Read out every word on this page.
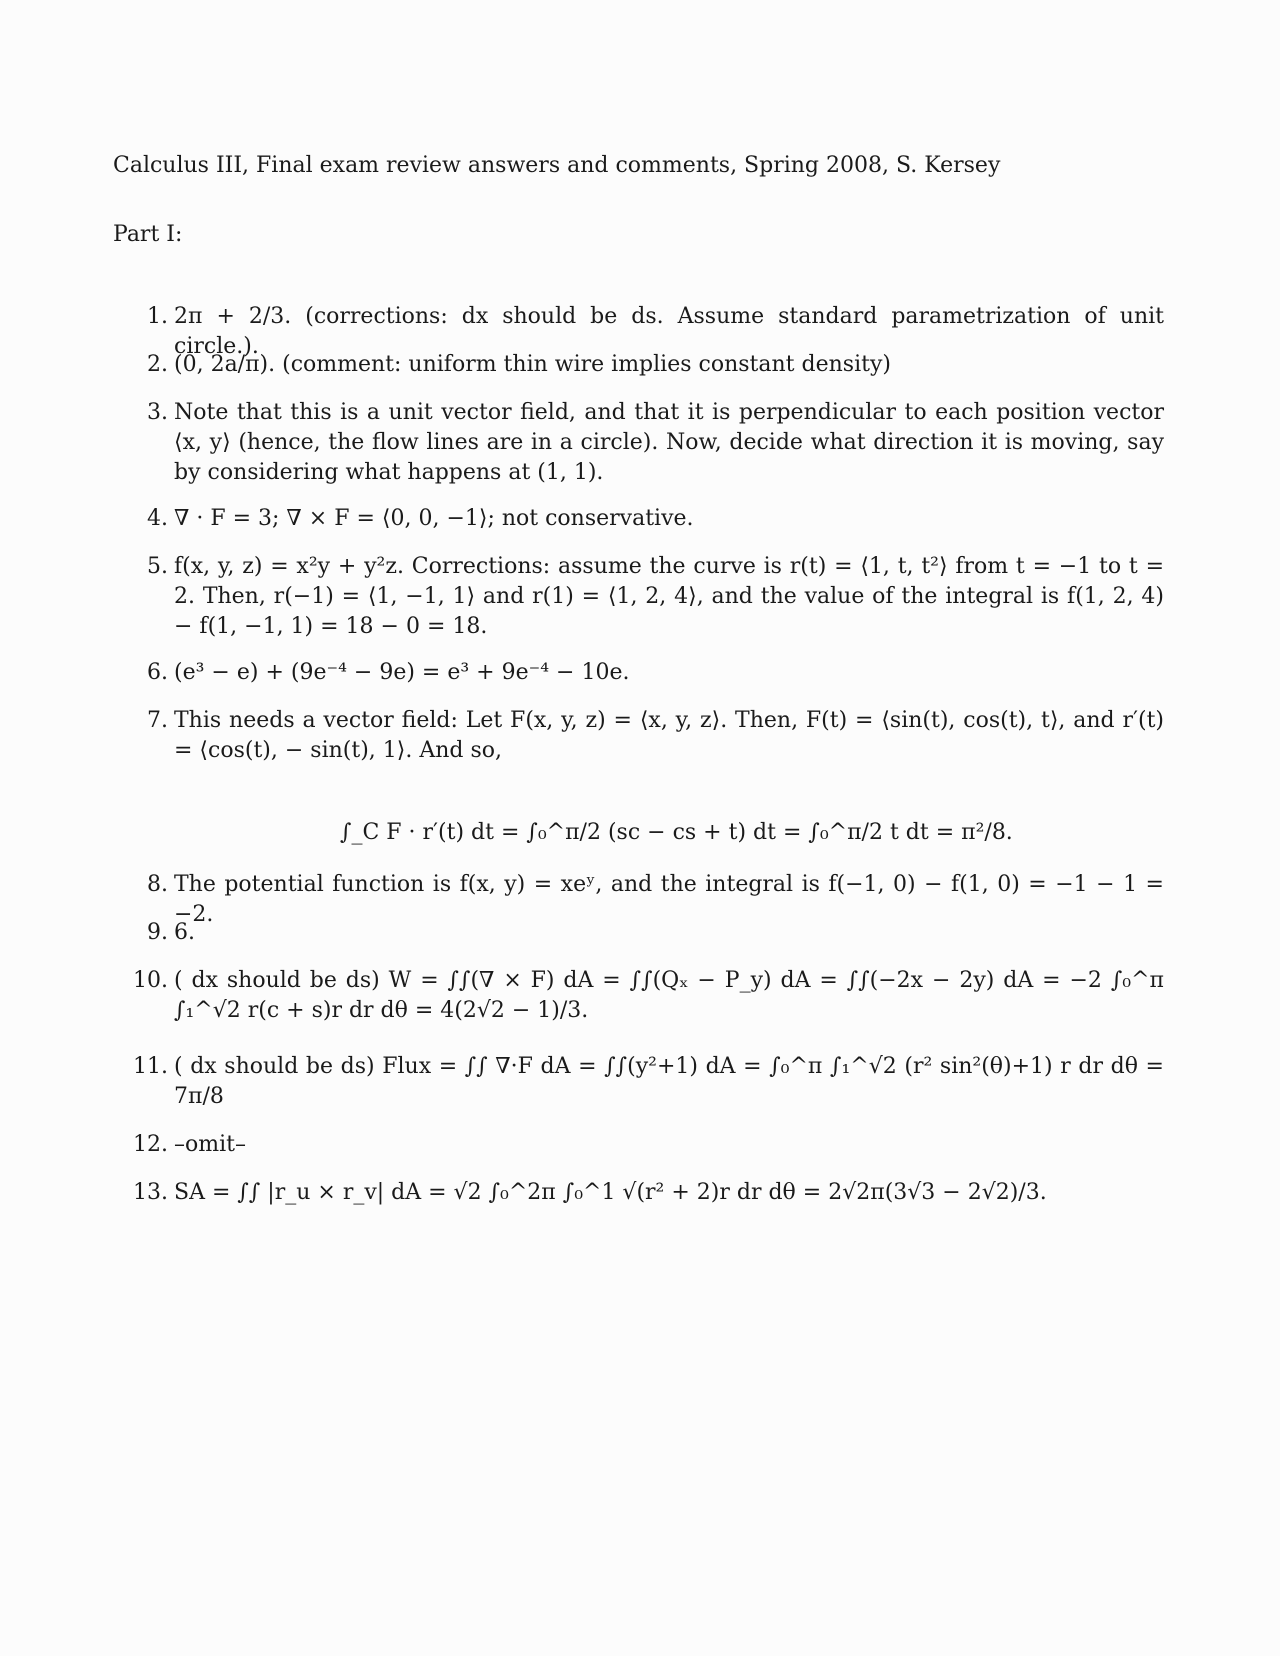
Calculus III, Final exam review answers and comments, Spring 2008, S. Kersey
Part I:
1. 2π + 2/3. (corrections: dx should be ds. Assume standard parametrization of unit circle.).
2. (0, 2a/π). (comment: uniform thin wire implies constant density)
3. Note that this is a unit vector field, and that it is perpendicular to each position vector ⟨x, y⟩ (hence, the flow lines are in a circle). Now, decide what direction it is moving, say by considering what happens at (1, 1).
4. ∇ · F = 3; ∇ × F = ⟨0, 0, −1⟩; not conservative.
5. f(x, y, z) = x²y + y²z. Corrections: assume the curve is r(t) = ⟨1, t, t²⟩ from t = −1 to t = 2. Then, r(−1) = ⟨1, −1, 1⟩ and r(1) = ⟨1, 2, 4⟩, and the value of the integral is f(1, 2, 4) − f(1, −1, 1) = 18 − 0 = 18.
6. (e³ − e) + (9e⁻⁴ − 9e) = e³ + 9e⁻⁴ − 10e.
7. This needs a vector field: Let F(x, y, z) = ⟨x, y, z⟩. Then, F(t) = ⟨sin(t), cos(t), t⟩, and r′(t) = ⟨cos(t), − sin(t), 1⟩. And so,
∫_C F · r′(t) dt = ∫₀^π/2 (sc − cs + t) dt = ∫₀^π/2 t dt = π²/8.
8. The potential function is f(x, y) = xeʸ, and the integral is f(−1, 0) − f(1, 0) = −1 − 1 = −2.
9. 6.
10. ( dx should be ds) W = ∫∫(∇ × F) dA = ∫∫(Qₓ − P_y) dA = ∫∫(−2x − 2y) dA = −2 ∫₀^π ∫₁^√2 r(c + s)r dr dθ = 4(2√2 − 1)/3.
11. ( dx should be ds) Flux = ∫∫ ∇·F dA = ∫∫(y²+1) dA = ∫₀^π ∫₁^√2 (r² sin²(θ)+1) r dr dθ = 7π/8
12. –omit–
13. SA = ∫∫ |r_u × r_v| dA = √2 ∫₀^2π ∫₀^1 √(r² + 2)r dr dθ = 2√2π(3√3 − 2√2)/3.
